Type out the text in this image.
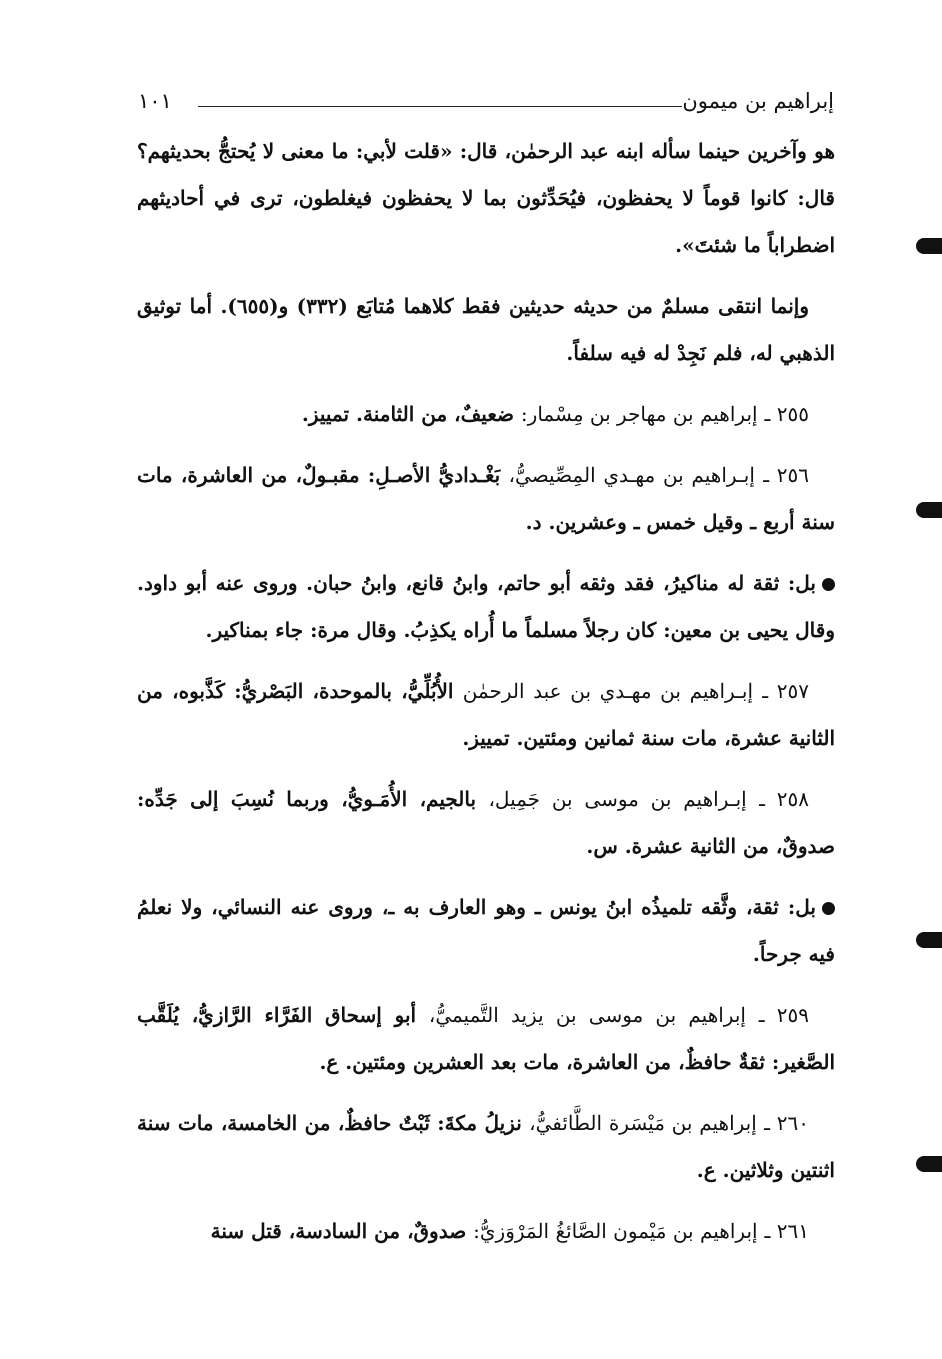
إبراهيم بن ميمون
١٠١

هو وآخرين حينما سأله ابنه عبد الرحمٰن، قال: «قلت لأبي: ما معنى لا يُحتجُّ بحديثهم؟ قال: كانوا قوماً لا يحفظون، فيُحَدِّثون بما لا يحفظون فيغلطون، ترى في أحاديثهم اضطراباً ما شئتَ».

وإنما انتقى مسلمٌ من حديثه حديثين فقط كلاهما مُتابَع (٣٣٢) و(٦٥٥). أما توثيق الذهبي له، فلم نَجِدْ له فيه سلفاً.

٢٥٥ ـ إبراهيم بن مهاجر بن مِسْمار: ضعيفٌ، من الثامنة. تمييز.

٢٥٦ ـ إبـراهيم بن مهـدي المِصِّيصيُّ، بَغْـداديُّ الأصـلِ: مقبـولٌ، من العاشرة، مات سنة أربع ـ وقيل خمس ـ وعشرين. د.

بل: ثقة له مناكيرُ، فقد وثقه أبو حاتم، وابنُ قانع، وابنُ حبان. وروى عنه أبو داود. وقال يحيى بن معين: كان رجلاً مسلماً ما أُراه يكذِبُ. وقال مرة: جاء بمناكير.

٢٥٧ ـ إبـراهيم بن مهـدي بن عبد الرحمٰن الأُبُلِّيُّ، بالموحدة، البَصْريُّ: كَذَّبوه، من الثانية عشرة، مات سنة ثمانين ومئتين. تمييز.

٢٥٨ ـ إبـراهيم بن موسى بن جَمِيل، بالجيم، الأُمَـويُّ، وربما نُسِبَ إلى جَدِّه: صدوقٌ، من الثانية عشرة. س.

بل: ثقة، وثَّقه تلميذُه ابنُ يونس ـ وهو العارف به ـ، وروى عنه النسائي، ولا نعلمُ فيه جرحاً.

٢٥٩ ـ إبراهيم بن موسى بن يزيد التَّميميُّ، أبو إسحاق الفَرَّاء الرَّازيُّ، يُلَقَّب الصَّغير: ثقةٌ حافظٌ، من العاشرة، مات بعد العشرين ومئتين. ع.

٢٦٠ ـ إبراهيم بن مَيْسَرة الطَّائفيُّ، نزيلُ مكةَ: ثَبْتٌ حافظٌ، من الخامسة، مات سنة اثنتين وثلاثين. ع.

٢٦١ ـ إبراهيم بن مَيْمون الصَّائغُ المَرْوَزيُّ: صدوقٌ، من السادسة، قتل سنة
